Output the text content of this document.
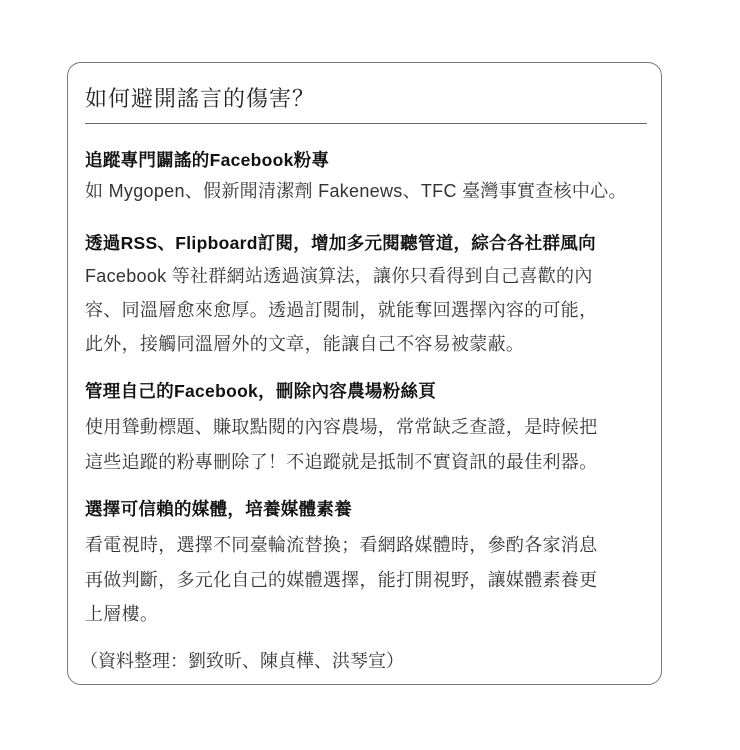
如何避開謠言的傷害？
追蹤專門闢謠的Facebook粉專
如 Mygopen、假新聞清潔劑 Fakenews、TFC 臺灣事實查核中心。
透過RSS、Flipboard訂閱，增加多元閱聽管道，綜合各社群風向
Facebook 等社群網站透過演算法，讓你只看得到自己喜歡的內
容、同溫層愈來愈厚。透過訂閱制，就能奪回選擇內容的可能，
此外，接觸同溫層外的文章，能讓自己不容易被蒙蔽。
管理自己的Facebook，刪除內容農場粉絲頁
使用聳動標題、賺取點閱的內容農場，常常缺乏查證，是時候把
這些追蹤的粉專刪除了！不追蹤就是抵制不實資訊的最佳利器。
選擇可信賴的媒體，培養媒體素養
看電視時，選擇不同臺輪流替換；看網路媒體時，參酌各家消息
再做判斷，多元化自己的媒體選擇，能打開視野，讓媒體素養更
上層樓。
（資料整理：劉致昕、陳貞樺、洪琴宣）
